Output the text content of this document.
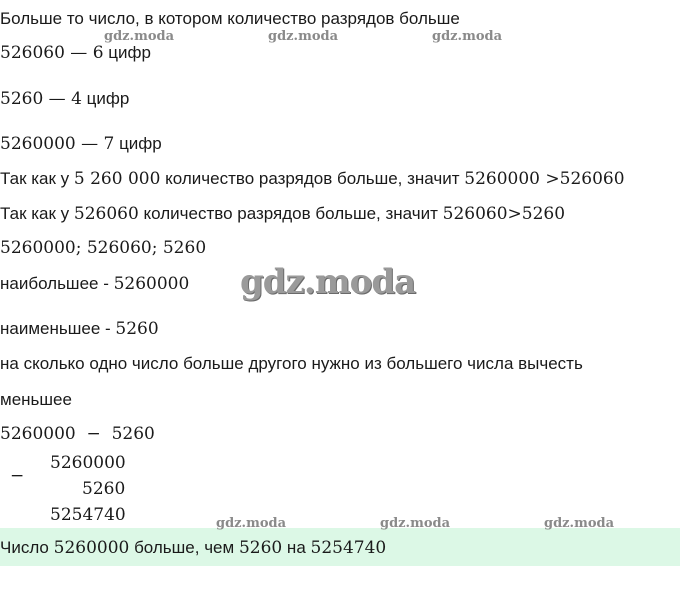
Больше то число, в котором количество разрядов больше
526060 — 6 цифр
5260 — 4 цифр
5260000 — 7 цифр
Так как у 5 260 000 количество разрядов больше, значит 5260000 >526060
Так как у 526060 количество разрядов больше, значит 526060>5260
5260000; 526060; 5260
наибольшее - 5260000
наименьшее - 5260
на сколько одно число больше другого нужно из большего числа вычесть
меньшее
5260000  −  5260
−
5260000
5260
5254740
Число 5260000 больше, чем 5260 на 5254740
gdz.moda	gdz.moda	gdz.moda
gdz.moda
gdz.moda	gdz.moda	gdz.moda
